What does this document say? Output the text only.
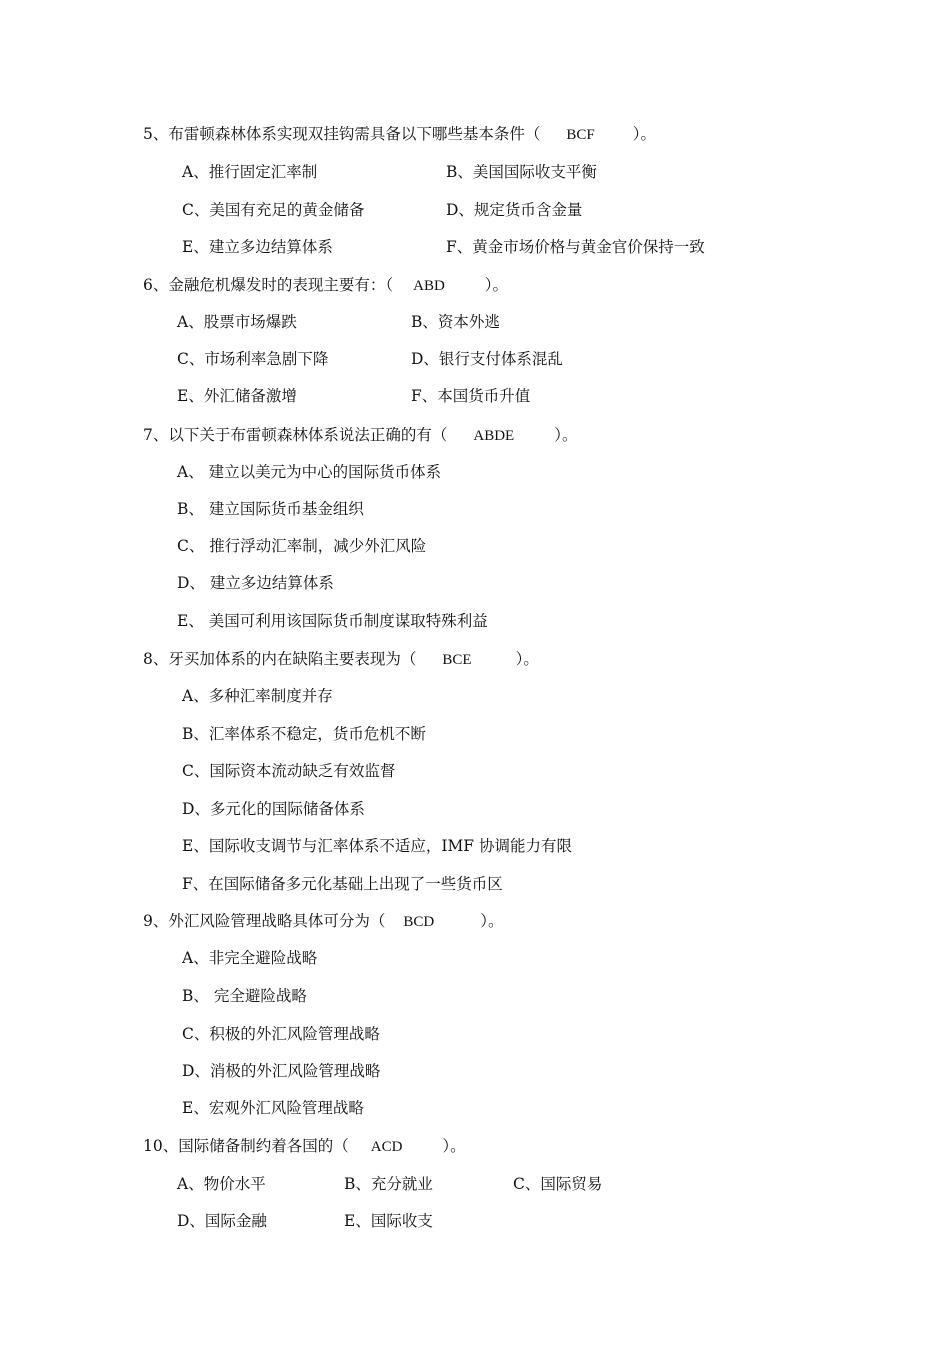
5、布雷顿森林体系实现双挂钩需具备以下哪些基本条件（ BCF ）。
A、推行固定汇率制	B、美国国际收支平衡
C、美国有充足的黄金储备	D、规定货币含金量
E、建立多边结算体系	F、黄金市场价格与黄金官价保持一致
6、金融危机爆发时的表现主要有：（ ABD	）。
A、股票市场爆跌	B、资本外逃
C、市场利率急剧下降	D、银行支付体系混乱
E、外汇储备激增	F、本国货币升值
7、以下关于布雷顿森林体系说法正确的有（ ABDE	）。
A、 建立以美元为中心的国际货币体系
B、 建立国际货币基金组织
C、 推行浮动汇率制，减少外汇风险
D、 建立多边结算体系
E、 美国可利用该国际货币制度谋取特殊利益
8、牙买加体系的内在缺陷主要表现为（ BCE	）。
A、多种汇率制度并存
B、汇率体系不稳定，货币危机不断
C、国际资本流动缺乏有效监督
D、多元化的国际储备体系
E、国际收支调节与汇率体系不适应，IMF 协调能力有限
F、在国际储备多元化基础上出现了一些货币区
9、外汇风险管理战略具体可分为（ BCD	）。
A、非完全避险战略
B、 完全避险战略
C、积极的外汇风险管理战略
D、消极的外汇风险管理战略
E、宏观外汇风险管理战略
10、国际储备制约着各国的（ ACD	）。
A、物价水平	B、充分就业	C、国际贸易
D、国际金融	E、国际收支
